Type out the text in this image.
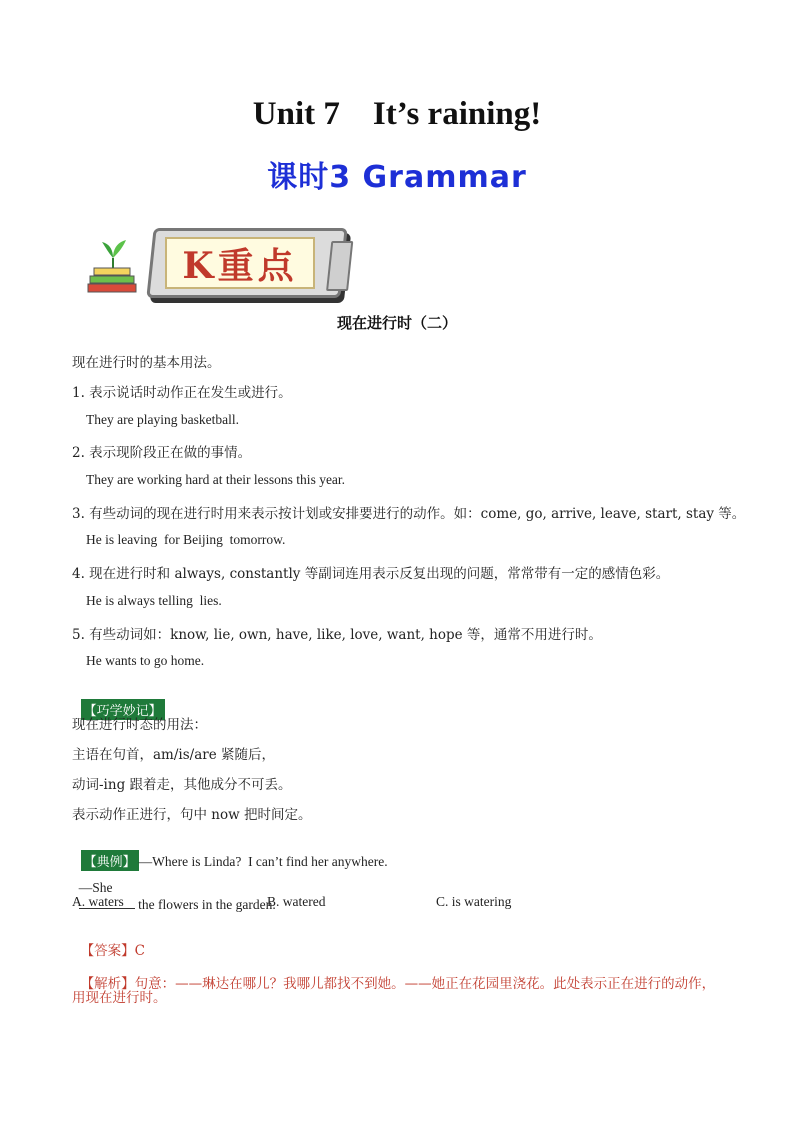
Unit 7    It’s raining!
课时3 Grammar
K重点
现在进行时（二）
现在进行时的基本用法。
1. 表示说话时动作正在发生或进行。
They are playing basketball.
2. 表示现阶段正在做的事情。
They are working hard at their lessons this year.
3. 有些动词的现在进行时用来表示按计划或安排要进行的动作。如：come, go, arrive, leave, start, stay 等。
He is leaving  for Beijing  tomorrow.
4. 现在进行时和 always, constantly 等副词连用表示反复出现的问题，常常带有一定的感情色彩。
He is always telling  lies.
5. 有些动词如：know, lie, own, have, like, love, want, hope 等，通常不用进行时。
He wants to go home.

【巧学妙记】

现在进行时态的用法：
主语在句首，am/is/are 紧随后，
动词-ing 跟着走，其他成分不可丢。
表示动作正进行，句中 now 把时间定。

【典例】 —Where is Linda?  I can’t find her anywhere.

—She
the flowers in the garden.

A. waters	B. watered	C. is watering

【答案】C

【解析】句意：——琳达在哪儿？我哪儿都找不到她。——她正在花园里浇花。此处表示正在进行的动作，

用现在进行时。
